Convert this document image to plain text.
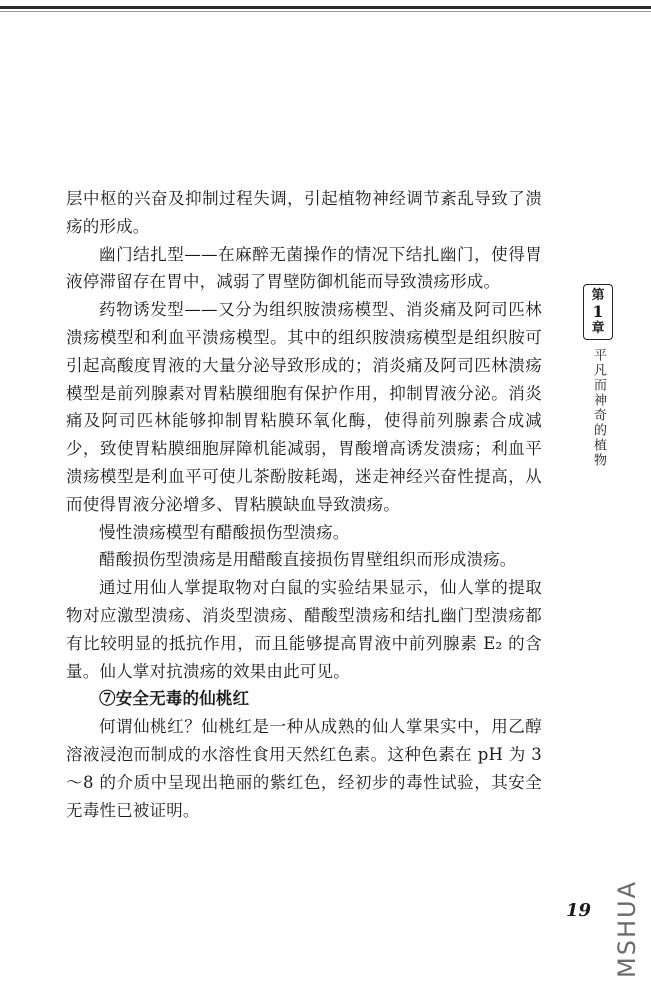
层中枢的兴奋及抑制过程失调，引起植物神经调节紊乱导致了溃疡的形成。

幽门结扎型——在麻醉无菌操作的情况下结扎幽门，使得胃液停滞留存在胃中，减弱了胃壁防御机能而导致溃疡形成。

药物诱发型——又分为组织胺溃疡模型、消炎痛及阿司匹林溃疡模型和利血平溃疡模型。其中的组织胺溃疡模型是组织胺可引起高酸度胃液的大量分泌导致形成的；消炎痛及阿司匹林溃疡模型是前列腺素对胃粘膜细胞有保护作用，抑制胃液分泌。消炎痛及阿司匹林能够抑制胃粘膜环氧化酶，使得前列腺素合成减少，致使胃粘膜细胞屏障机能减弱，胃酸增高诱发溃疡；利血平溃疡模型是利血平可使儿茶酚胺耗竭，迷走神经兴奋性提高，从而使得胃液分泌增多、胃粘膜缺血导致溃疡。

慢性溃疡模型有醋酸损伤型溃疡。

醋酸损伤型溃疡是用醋酸直接损伤胃壁组织而形成溃疡。

通过用仙人掌提取物对白鼠的实验结果显示，仙人掌的提取物对应激型溃疡、消炎型溃疡、醋酸型溃疡和结扎幽门型溃疡都有比较明显的抵抗作用，而且能够提高胃液中前列腺素 E₂ 的含量。仙人掌对抗溃疡的效果由此可见。

⑦安全无毒的仙桃红

何谓仙桃红？仙桃红是一种从成熟的仙人掌果实中，用乙醇溶液浸泡而制成的水溶性食用天然红色素。这种色素在 pH 为 3～8 的介质中呈现出艳丽的紫红色，经初步的毒性试验，其安全无毒性已被证明。

第
1
章
平凡而神奇的植物
19 MSHUA
